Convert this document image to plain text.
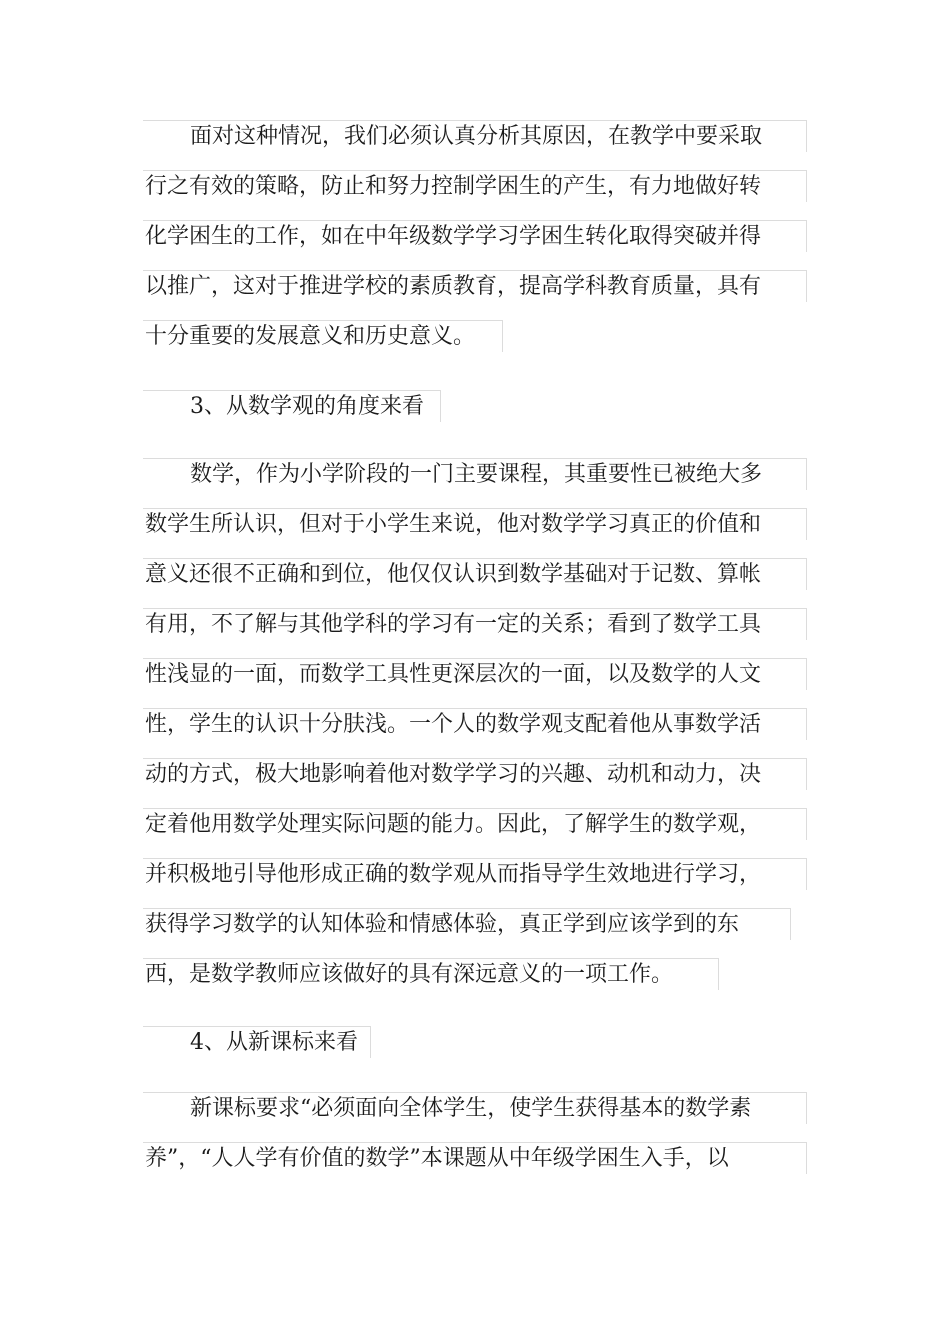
面对这种情况，我们必须认真分析其原因，在教学中要采取
行之有效的策略，防止和努力控制学困生的产生，有力地做好转
化学困生的工作，如在中年级数学学习学困生转化取得突破并得
以推广，这对于推进学校的素质教育，提高学科教育质量，具有
十分重要的发展意义和历史意义。
3、从数学观的角度来看
数学，作为小学阶段的一门主要课程，其重要性已被绝大多
数学生所认识，但对于小学生来说，他对数学学习真正的价值和
意义还很不正确和到位，他仅仅认识到数学基础对于记数、算帐
有用，不了解与其他学科的学习有一定的关系；看到了数学工具
性浅显的一面，而数学工具性更深层次的一面，以及数学的人文
性，学生的认识十分肤浅。一个人的数学观支配着他从事数学活
动的方式，极大地影响着他对数学学习的兴趣、动机和动力，决
定着他用数学处理实际问题的能力。因此，了解学生的数学观，
并积极地引导他形成正确的数学观从而指导学生效地进行学习，
获得学习数学的认知体验和情感体验，真正学到应该学到的东
西，是数学教师应该做好的具有深远意义的一项工作。
4、从新课标来看
新课标要求“必须面向全体学生，使学生获得基本的数学素
养”，“人人学有价值的数学”本课题从中年级学困生入手，以
